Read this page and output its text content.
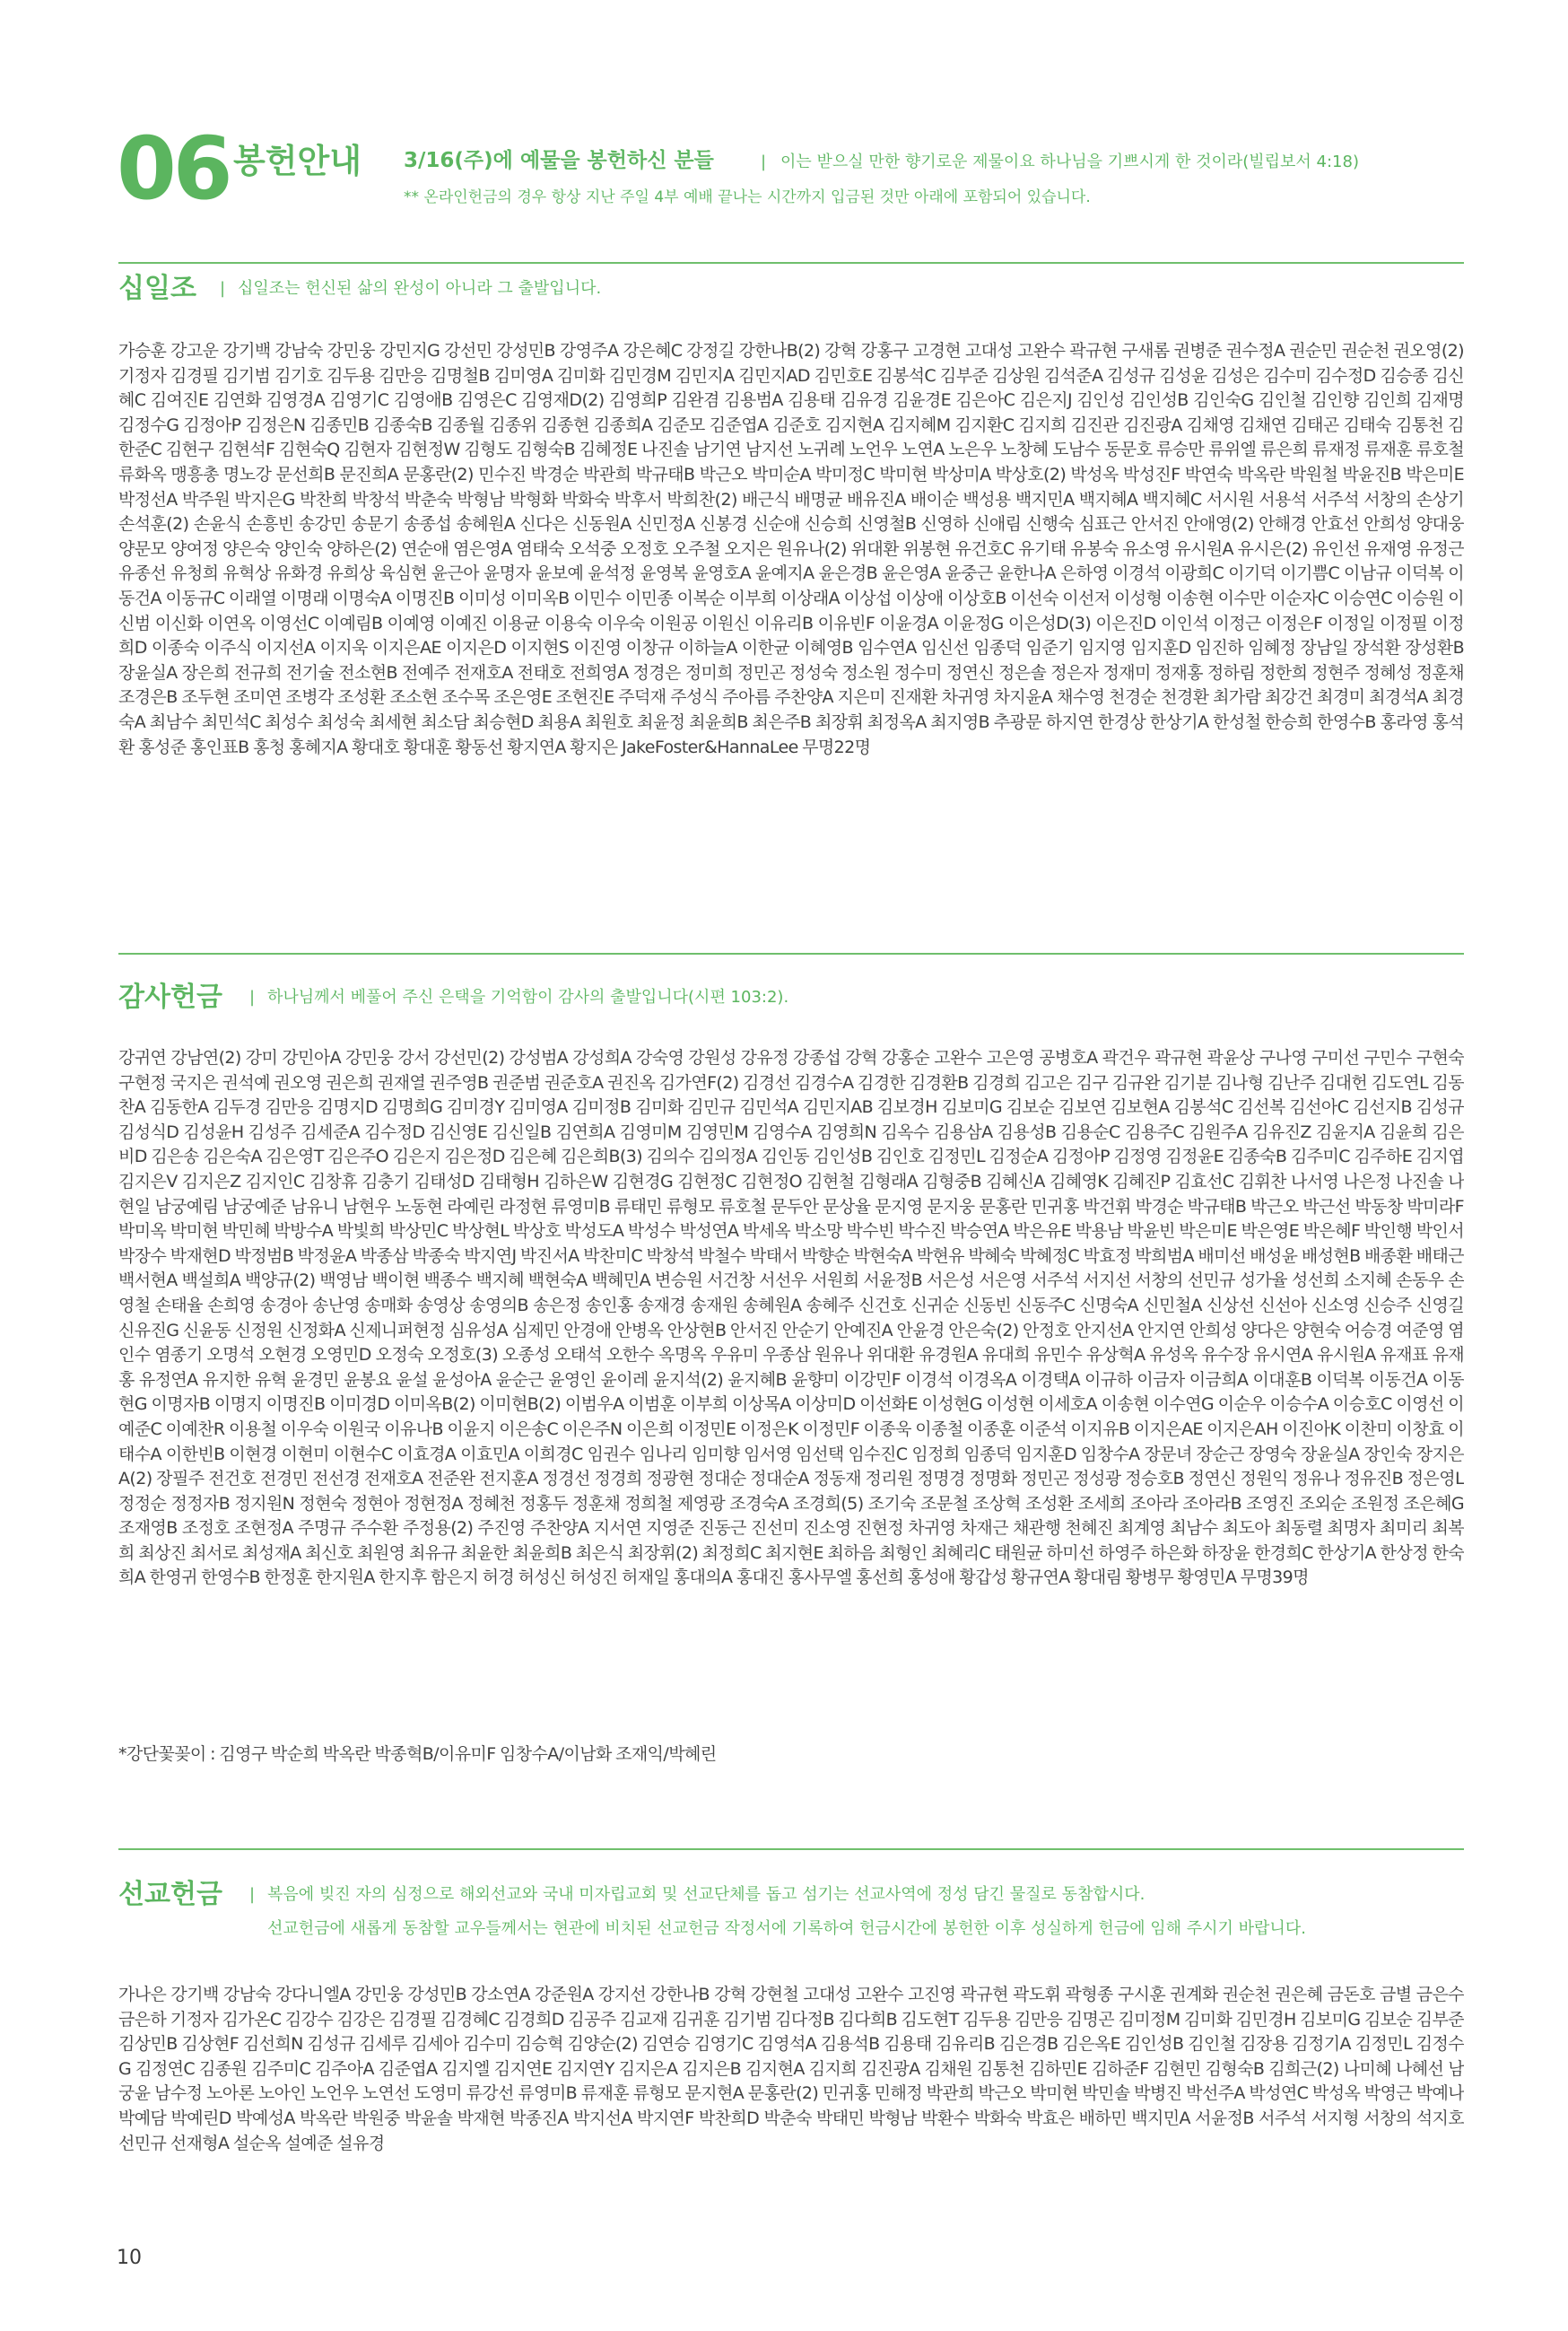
06 봉헌안내 3/16(주)에 예물을 봉헌하신 분들	| 이는 받으실 만한 향기로운 제물이요 하나님을 기쁘시게 한 것이라(빌립보서 4:18)
** 온라인헌금의 경우 항상 지난 주일 4부 예배 끝나는 시간까지 입금된 것만 아래에 포함되어 있습니다.
십일조 | 십일조는 헌신된 삶의 완성이 아니라 그 출발입니다.

가승훈 강고운 강기백 강남숙 강민웅 강민지G 강선민 강성민B 강영주A 강은혜C 강정길 강한나B(2) 강혁 강홍구 고경현 고대성 고완수 곽규현 구새롬 권병준 권수정A 권순민 권순천 권오영(2) 기정자 김경필 김기범 김기호 김두용 김만응 김명철B 김미영A 김미화 김민경M 김민지A 김민지AD 김민호E 김봉석C 김부준 김상원 김석준A 김성규 김성윤 김성은 김수미 김수정D 김승종 김신혜C 김여진E 김연화 김영경A 김영기C 김영애B 김영은C 김영재D(2) 김영희P 김완겸 김용범A 김용태 김유경 김윤경E 김은아C 김은지J 김인성 김인성B 김인숙G 김인철 김인향 김인희 김재명 김정수G 김정아P 김정은N 김종민B 김종숙B 김종월 김종위 김종현 김종희A 김준모 김준엽A 김준호 김지현A 김지혜M 김지환C 김지희 김진관 김진광A 김채영 김채연 김태곤 김태숙 김통천 김한준C 김현구 김현석F 김현숙Q 김현자 김현정W 김형도 김형숙B 김혜정E 나진솔 남기연 남지선 노귀례 노언우 노연A 노은우 노창혜 도남수 동문호 류승만 류위엘 류은희 류재정 류재훈 류호철 류화옥 맹흥총 명노강 문선희B 문진희A 문홍란(2) 민수진 박경순 박관희 박규태B 박근오 박미순A 박미정C 박미현 박상미A 박상호(2) 박성옥 박성진F 박연숙 박옥란 박원철 박윤진B 박은미E 박정선A 박주원 박지은G 박찬희 박창석 박춘숙 박형남 박형화 박화숙 박후서 박희찬(2) 배근식 배명균 배유진A 배이순 백성용 백지민A 백지혜A 백지혜C 서시원 서용석 서주석 서창의 손상기 손석훈(2) 손윤식 손흥빈 송강민 송문기 송종섭 송혜원A 신다은 신동원A 신민정A 신봉경 신순애 신승희 신영철B 신영하 신애림 신행숙 심표근 안서진 안애영(2) 안해경 안효선 안희성 양대웅 양문모 양여정 양은숙 양인숙 양하은(2) 연순애 염은영A 염태숙 오석중 오정호 오주철 오지은 원유나(2) 위대환 위봉현 유건호C 유기태 유봉숙 유소영 유시원A 유시은(2) 유인선 유재영 유정근 유종선 유청희 유혁상 유화경 유희상 육심현 윤근아 윤명자 윤보예 윤석정 윤영복 윤영호A 윤예지A 윤은경B 윤은영A 윤중근 윤한나A 은하영 이경석 이광희C 이기덕 이기쁨C 이남규 이덕복 이동건A 이동규C 이래열 이명래 이명숙A 이명진B 이미성 이미옥B 이민수 이민종 이복순 이부희 이상래A 이상섭 이상애 이상호B 이선숙 이선저 이성형 이송현 이수만 이순자C 이승연C 이승원 이신범 이신화 이연옥 이영선C 이예림B 이예영 이예진 이용균 이용숙 이우숙 이원공 이원신 이유리B 이유빈F 이윤경A 이윤정G 이은성D(3) 이은진D 이인석 이정근 이정은F 이정일 이정필 이정희D 이종숙 이주식 이지선A 이지욱 이지은AE 이지은D 이지현S 이진영 이창규 이하늘A 이한균 이혜영B 임수연A 임신선 임종덕 임준기 임지영 임지훈D 임진하 임혜정 장남일 장석환 장성환B 장윤실A 장은희 전규희 전기술 전소현B 전예주 전재호A 전태호 전희영A 정경은 정미희 정민곤 정성숙 정소원 정수미 정연신 정은솔 정은자 정재미 정재홍 정하림 정한희 정현주 정혜성 정훈채 조경은B 조두현 조미연 조병각 조성환 조소현 조수목 조은영E 조현진E 주덕재 주성식 주아름 주찬양A 지은미 진재환 차귀영 차지윤A 채수영 천경순 천경환 최가람 최강건 최경미 최경석A 최경숙A 최남수 최민석C 최성수 최성숙 최세현 최소담 최승현D 최용A 최원호 최윤정 최윤희B 최은주B 최장휘 최정옥A 최지영B 추광문 하지연 한경상 한상기A 한성철 한승희 한영수B 홍라영 홍석환 홍성준 홍인표B 홍청 홍혜지A 황대호 황대훈 황동선 황지연A 황지은 JakeFoster&HannaLee 무명22명

감사헌금 | 하나님께서 베풀어 주신 은택을 기억함이 감사의 출발입니다(시편 103:2).

강귀연 강남연(2) 강미 강민아A 강민웅 강서 강선민(2) 강성범A 강성희A 강숙영 강원성 강유정 강종섭 강혁 강홍순 고완수 고은영 공병호A 곽건우 곽규현 곽윤상 구나영 구미선 구민수 구현숙 구현정 국지은 권석예 권오영 권은희 권재열 권주영B 권준범 권준호A 권진옥 김가연F(2) 김경선 김경수A 김경한 김경환B 김경희 김고은 김구 김규완 김기분 김나형 김난주 김대헌 김도연L 김동찬A 김동한A 김두경 김만응 김명지D 김명희G 김미경Y 김미영A 김미정B 김미화 김민규 김민석A 김민지AB 김보경H 김보미G 김보순 김보연 김보현A 김봉석C 김선복 김선아C 김선지B 김성규 김성식D 김성윤H 김성주 김세준A 김수정D 김신영E 김신일B 김연희A 김영미M 김영민M 김영수A 김영희N 김옥수 김용삼A 김용성B 김용순C 김용주C 김원주A 김유진Z 김윤지A 김윤희 김은비D 김은송 김은숙A 김은영T 김은주O 김은지 김은정D 김은혜 김은희B(3) 김의수 김의정A 김인동 김인성B 김인호 김정민L 김정순A 김정아P 김정영 김정윤E 김종숙B 김주미C 김주하E 김지엽 김지은V 김지은Z 김지인C 김창휴 김충기 김태성D 김태형H 김하은W 김현경G 김현정C 김현정O 김현철 김형래A 김형중B 김혜신A 김혜영K 김혜진P 김효선C 김휘찬 나서영 나은정 나진솔 나현일 남궁예림 남궁예준 남유니 남현우 노동현 라예린 라정현 류영미B 류태민 류형모 류호철 문두안 문상율 문지영 문지웅 문홍란 민귀홍 박건휘 박경순 박규태B 박근오 박근선 박동창 박미라F 박미옥 박미현 박민혜 박방수A 박빛희 박상민C 박상현L 박상호 박성도A 박성수 박성연A 박세옥 박소망 박수빈 박수진 박승연A 박은유E 박용남 박윤빈 박은미E 박은영E 박은혜F 박인행 박인서 박장수 박재현D 박정범B 박정윤A 박종삼 박종숙 박지연J 박진서A 박찬미C 박창석 박철수 박태서 박향순 박현숙A 박현유 박혜숙 박혜정C 박효정 박희범A 배미선 배성윤 배성현B 배종환 배태근 백서현A 백설희A 백양규(2) 백영남 백이현 백종수 백지혜 백현숙A 백혜민A 변승원 서건창 서선우 서원희 서윤정B 서은성 서은영 서주석 서지선 서창의 선민규 성가율 성선희 소지혜 손동우 손영철 손태율 손희영 송경아 송난영 송매화 송영상 송영의B 송은정 송인홍 송재경 송재원 송혜원A 송혜주 신건호 신귀순 신동빈 신동주C 신명숙A 신민철A 신상선 신선아 신소영 신승주 신영길 신유진G 신윤동 신정원 신정화A 신제니퍼현정 심유성A 심제민 안경애 안병옥 안상현B 안서진 안순기 안예진A 안윤경 안은숙(2) 안정호 안지선A 안지연 안희성 양다은 양현숙 어승경 여준영 염인수 염종기 오명석 오현경 오영민D 오정숙 오정호(3) 오종성 오태석 오한수 옥명옥 우유미 우종삼 원유나 위대환 유경원A 유대희 유민수 유상혁A 유성옥 유수장 유시연A 유시원A 유재표 유재홍 유정연A 유지한 유혁 윤경민 윤봉요 윤설 윤성아A 윤순근 윤영인 윤이레 윤지석(2) 윤지혜B 윤향미 이강민F 이경석 이경옥A 이경택A 이규하 이금자 이금희A 이대훈B 이덕복 이동건A 이동현G 이명자B 이명지 이명진B 이미경D 이미옥B(2) 이미현B(2) 이범우A 이범훈 이부희 이상목A 이상미D 이선화E 이성현G 이성현 이세호A 이송현 이수연G 이순우 이승수A 이승호C 이영선 이예준C 이예찬R 이용철 이우숙 이원국 이유나B 이윤지 이은송C 이은주N 이은희 이정민E 이정은K 이정민F 이종욱 이종철 이종훈 이준석 이지유B 이지은AE 이지은AH 이진아K 이찬미 이창효 이태수A 이한빈B 이현경 이현미 이현수C 이효경A 이효민A 이희경C 임권수 임나리 임미향 임서영 임선택 임수진C 임정희 임종덕 임지훈D 임창수A 장문녀 장순근 장영숙 장윤실A 장인숙 장지은A(2) 장필주 전건호 전경민 전선경 전재호A 전준완 전지훈A 정경선 정경희 정광현 정대순 정대순A 정동재 정리원 정명경 정명화 정민곤 정성광 정승호B 정연신 정원익 정유나 정유진B 정은영L 정정순 정정자B 정지원N 정현숙 정현아 정현정A 정혜천 정홍두 정훈채 정희철 제영광 조경숙A 조경희(5) 조기숙 조문철 조상혁 조성환 조세희 조아라 조아라B 조영진 조외순 조원정 조은혜G 조재영B 조정호 조현정A 주명규 주수환 주정용(2) 주진영 주찬양A 지서연 지영준 진동근 진선미 진소영 진현정 차귀영 차재근 채관행 천혜진 최계영 최남수 최도아 최동렬 최명자 최미리 최복희 최상진 최서로 최성재A 최신호 최원영 최유규 최윤한 최윤희B 최은식 최장휘(2) 최정희C 최지현E 최하음 최형인 최혜리C 태원균 하미선 하영주 하은화 하장윤 한경희C 한상기A 한상정 한숙희A 한영귀 한영수B 한정훈 한지원A 한지후 함은지 허경 허성신 허성진 허재일 홍대의A 홍대진 홍사무엘 홍선희 홍성애 황갑성 황규연A 황대림 황병무 황영민A 무명39명

*강단꽃꽂이 : 김영구 박순희 박옥란 박종혁B/이유미F 임창수A/이남화 조재익/박혜린

선교헌금 | 복음에 빚진 자의 심정으로 해외선교와 국내 미자립교회 및 선교단체를 돕고 섬기는 선교사역에 정성 담긴 물질로 동참합시다.
선교헌금에 새롭게 동참할 교우들께서는 현관에 비치된 선교헌금 작정서에 기록하여 헌금시간에 봉헌한 이후 성실하게 헌금에 임해 주시기 바랍니다.

가나은 강기백 강남숙 강다니엘A 강민웅 강성민B 강소연A 강준원A 강지선 강한나B 강혁 강현철 고대성 고완수 고진영 곽규현 곽도휘 곽형종 구시훈 권계화 권순천 권은혜 금돈호 금별 금은수 금은하 기정자 김가온C 김강수 김강은 김경필 김경혜C 김경희D 김공주 김교재 김귀훈 김기범 김다정B 김다희B 김도현T 김두용 김만응 김명곤 김미정M 김미화 김민경H 김보미G 김보순 김부준 김상민B 김상현F 김선희N 김성규 김세루 김세아 김수미 김승혁 김양순(2) 김연승 김영기C 김영석A 김용석B 김용태 김유리B 김은경B 김은옥E 김인성B 김인철 김장용 김정기A 김정민L 김정수G 김정연C 김종원 김주미C 김주아A 김준엽A 김지엘 김지연E 김지연Y 김지은A 김지은B 김지현A 김지희 김진광A 김채원 김통천 김하민E 김하준F 김현민 김형숙B 김희근(2) 나미혜 나혜선 남궁윤 남수정 노아론 노아인 노언우 노연선 도영미 류강선 류영미B 류재훈 류형모 문지현A 문홍란(2) 민귀홍 민해정 박관희 박근오 박미현 박민솔 박병진 박선주A 박성연C 박성옥 박영근 박예나 박예담 박예린D 박예성A 박옥란 박원중 박윤솔 박재현 박종진A 박지선A 박지연F 박찬희D 박춘숙 박태민 박형남 박환수 박화숙 박효은 배하민 백지민A 서윤정B 서주석 서지형 서창의 석지호 선민규 선재형A 설순옥 설예준 설유경

10
